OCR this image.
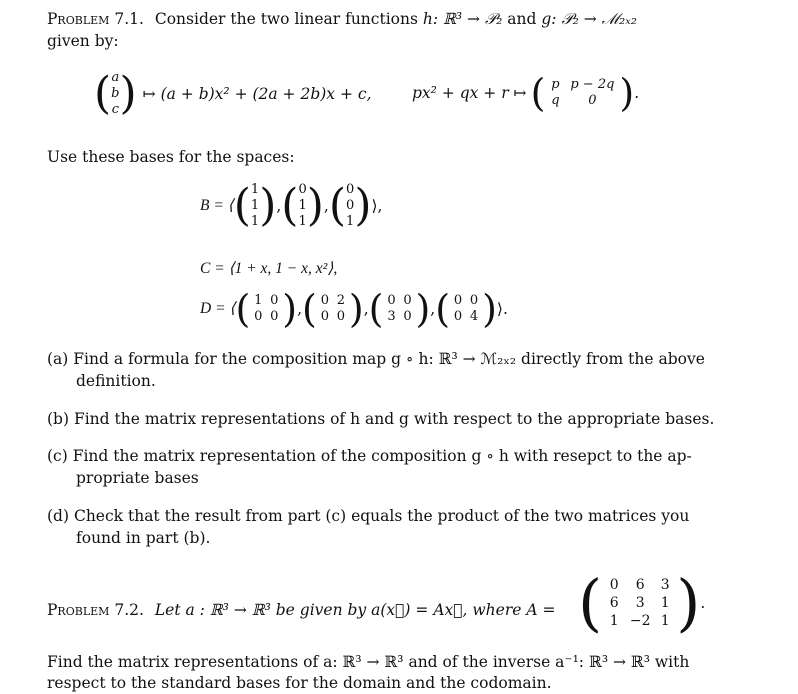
Problem 7.1. Consider the two linear functions h: ℝ³ → 𝒫₂ and g: 𝒫₂ → ℳ₂ₓ₂
given by:
( a
b
c ) ↦ (a + b)x² + (2a + 2b)x + c,	px² + qx + r ↦ ( p p − 2q
q	0 ) .
Use these bases for the spaces:
B = ⟨ ( 1
1
1 ) , ( 0
1
1 ) , ( 0
0
1 ) ⟩,
C = ⟨1 + x, 1 − x, x²⟩,
D = ⟨ ( 1 0
0 0 ) , ( 0 2
0 0 ) , ( 0 0
3 0 ) , ( 0 0
0 4 ) ⟩.
(a) Find a formula for the composition map g ∘ h: ℝ³ → ℳ₂ₓ₂ directly from the above
definition.
(b) Find the matrix representations of h and g with respect to the appropriate bases.
(c) Find the matrix representation of the composition g ∘ h with resepct to the ap-
propriate bases
(d) Check that the result from part (c) equals the product of the two matrices you
found in part (b).
Problem 7.2. Let a : ℝ³ → ℝ³ be given by a(x⃗) = Ax⃗, where A = ( 0	6	3
6	3	1
1 −2 1 ) .
Find the matrix representations of a: ℝ³ → ℝ³ and of the inverse a⁻¹: ℝ³ → ℝ³ with
respect to the standard bases for the domain and the codomain.
